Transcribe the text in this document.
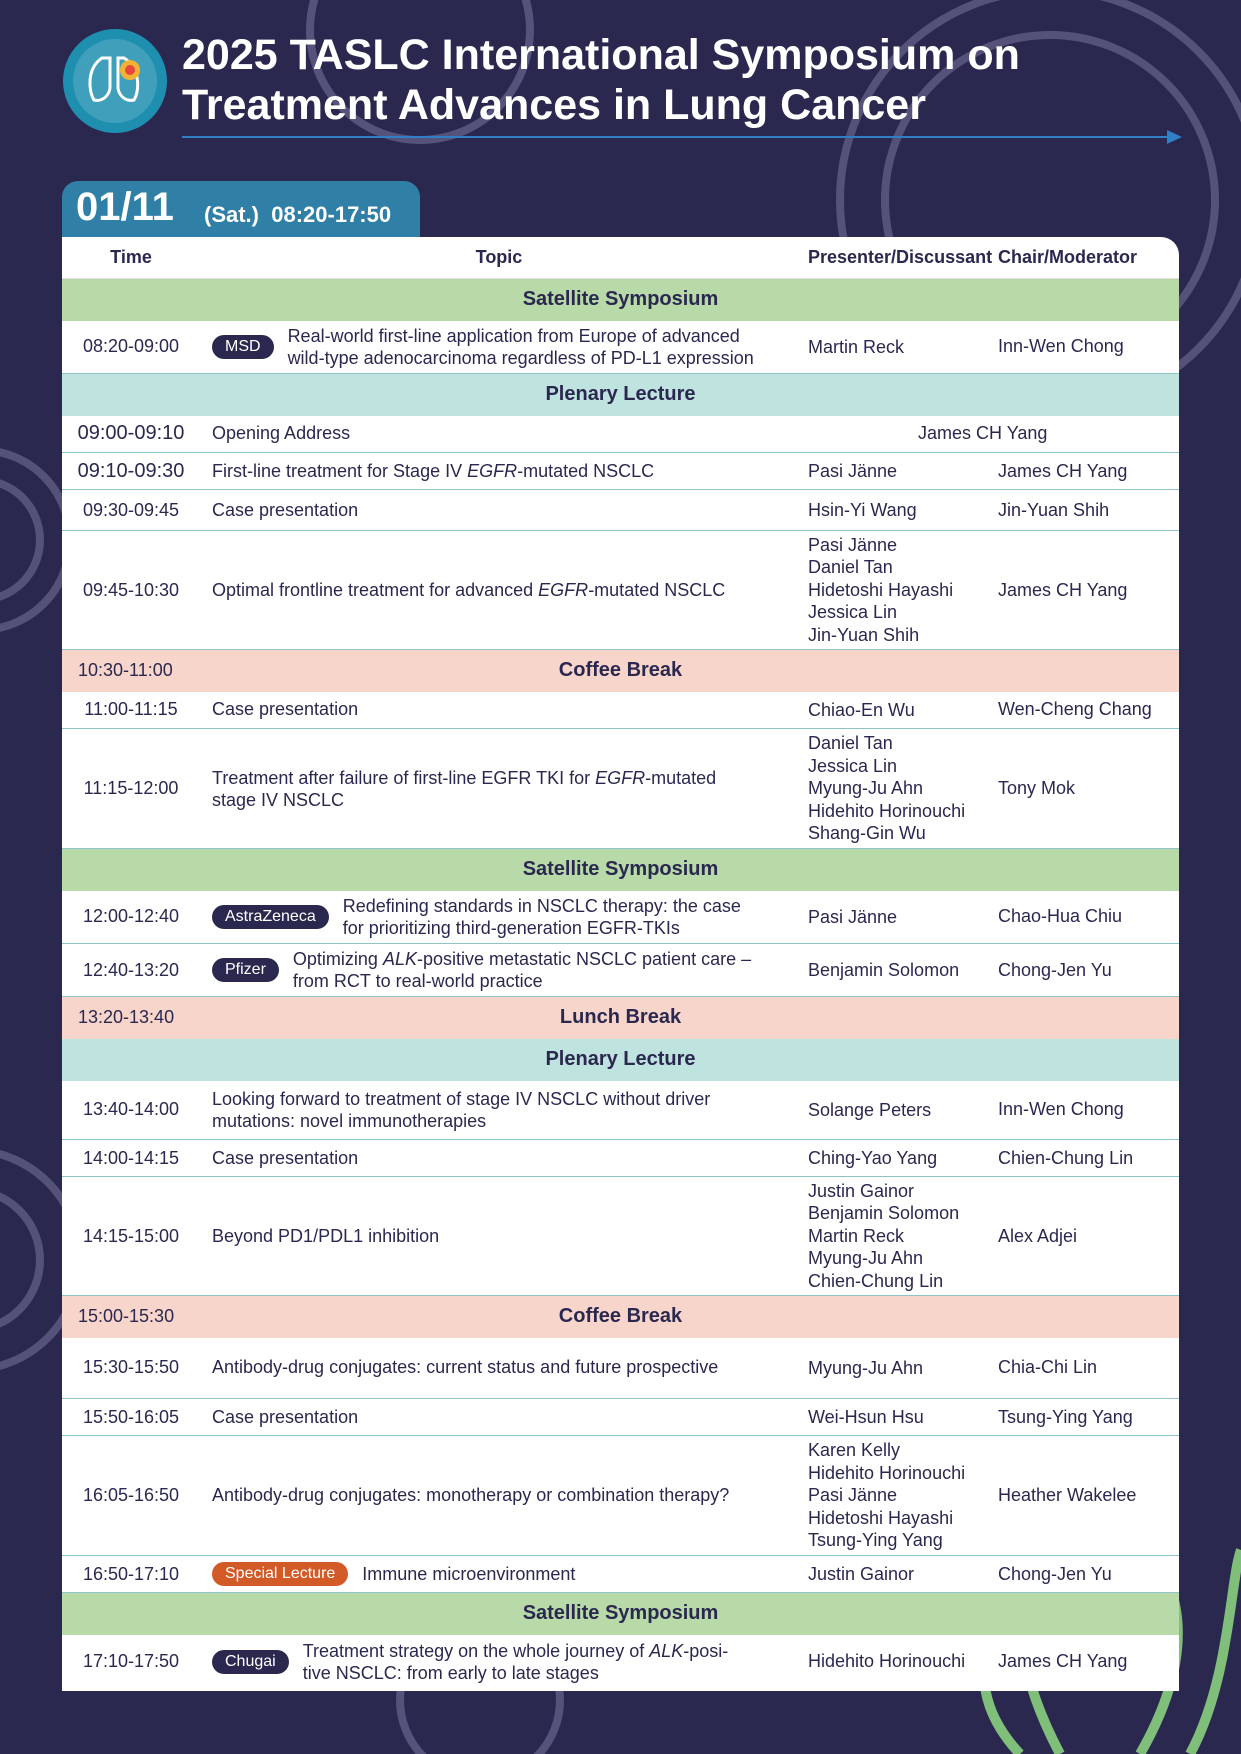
2025 TASLC International Symposium on
Treatment Advances in Lung Cancer
01/11 (Sat.) 08:20-17:50
Time	Topic	Presenter/Discussant	Chair/Moderator
Satellite Symposium			
08:20-09:00	MSD
Real-world first-line application from Europe of advanced
wild-type adenocarcinoma regardless of PD-L1 expression	Martin Reck	Inn-Wen Chong
Plenary Lecture			
09:00-09:10	Opening Address	James CH Yang	
09:10-09:30	First-line treatment for Stage IV EGFR-mutated NSCLC	Pasi Jänne	James CH Yang
09:30-09:45	Case presentation	Hsin-Yi Wang	Jin-Yuan Shih
09:45-10:30	Optimal frontline treatment for advanced EGFR-mutated NSCLC	Pasi Jänne
Daniel Tan
Hidetoshi Hayashi
Jessica Lin
Jin-Yuan Shih	James CH Yang
10:30-11:00	Coffee Break		
11:00-11:15	Case presentation	Chiao-En Wu	Wen-Cheng Chang
11:15-12:00	Treatment after failure of first-line EGFR TKI for EGFR-mutated
stage IV NSCLC	Daniel Tan
Jessica Lin
Myung-Ju Ahn
Hidehito Horinouchi
Shang-Gin Wu	Tony Mok
Satellite Symposium			
12:00-12:40	AstraZeneca
Redefining standards in NSCLC therapy: the case
for prioritizing third-generation EGFR-TKIs	Pasi Jänne	Chao-Hua Chiu
12:40-13:20	Pfizer
Optimizing ALK-positive metastatic NSCLC patient care –
from RCT to real-world practice	Benjamin Solomon	Chong-Jen Yu
13:20-13:40	Lunch Break		
Plenary Lecture			
13:40-14:00	Looking forward to treatment of stage IV NSCLC without driver
mutations: novel immunotherapies	Solange Peters	Inn-Wen Chong
14:00-14:15	Case presentation	Ching-Yao Yang	Chien-Chung Lin
14:15-15:00	Beyond PD1/PDL1 inhibition	Justin Gainor
Benjamin Solomon
Martin Reck
Myung-Ju Ahn
Chien-Chung Lin	Alex Adjei
15:00-15:30	Coffee Break		
15:30-15:50	Antibody-drug conjugates: current status and future prospective	Myung-Ju Ahn	Chia-Chi Lin
15:50-16:05	Case presentation	Wei-Hsun Hsu	Tsung-Ying Yang
16:05-16:50	Antibody-drug conjugates: monotherapy or combination therapy?	Karen Kelly
Hidehito Horinouchi
Pasi Jänne
Hidetoshi Hayashi
Tsung-Ying Yang	Heather Wakelee
16:50-17:10	Special Lecture Immune microenvironment	Justin Gainor	Chong-Jen Yu
Satellite Symposium			
17:10-17:50	Chugai
Treatment strategy on the whole journey of ALK-posi-
tive NSCLC: from early to late stages	Hidehito Horinouchi	James CH Yang
